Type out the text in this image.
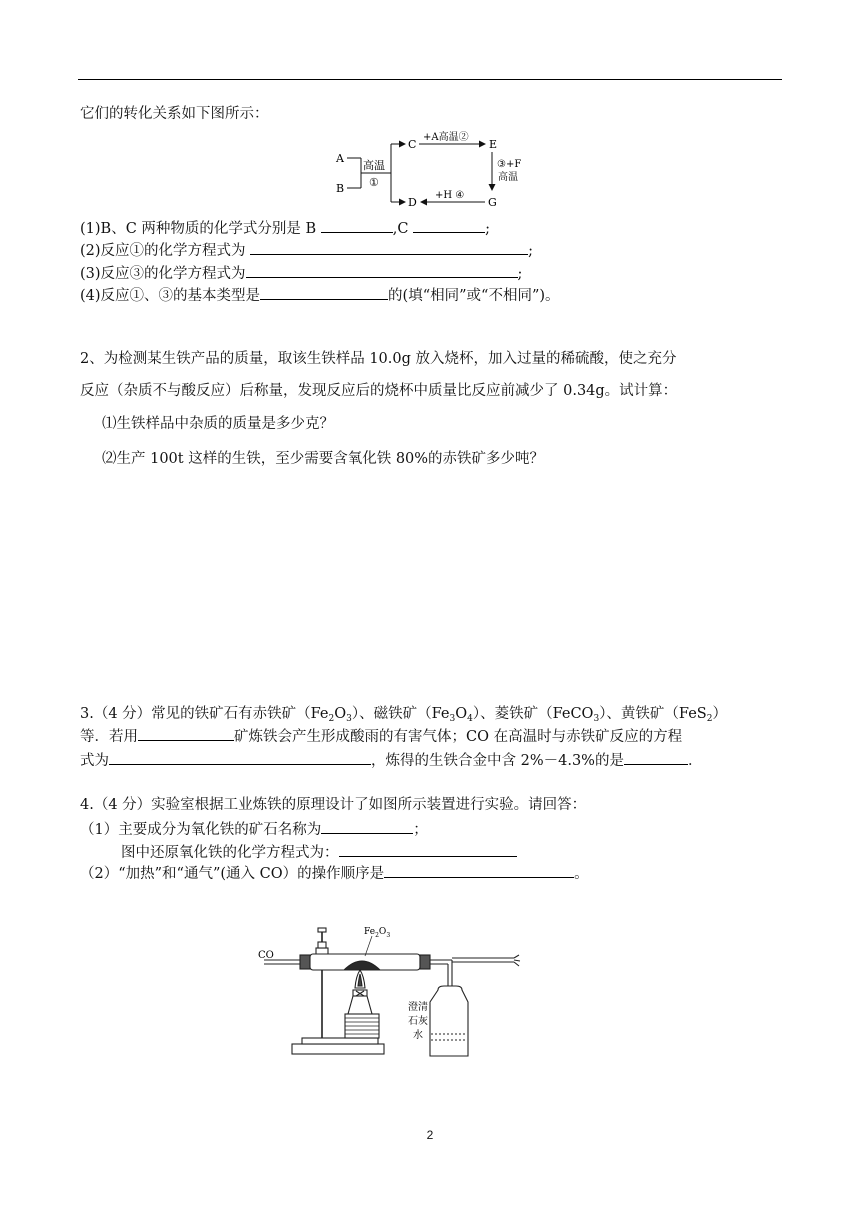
它们的转化关系如下图所示：
A
B
高温
①
C
D
+A高温②
E
③+F
高温
G
+H ④
(1)B、C 两种物质的化学式分别是 B	,C	;
(2)反应①的化学方程式为	;
(3)反应③的化学方程式为	;
(4)反应①、③的基本类型是	的(填“相同”或“不相同”)。
2、为检测某生铁产品的质量，取该生铁样品 10.0g 放入烧杯，加入过量的稀硫酸，使之充分
反应（杂质不与酸反应）后称量，发现反应后的烧杯中质量比反应前减少了 0.34g。试计算：
⑴生铁样品中杂质的质量是多少克？
⑵生产 100t 这样的生铁，至少需要含氧化铁 80%的赤铁矿多少吨？
3.（4 分）常见的铁矿石有赤铁矿$(Fe_2O_3)$、磁铁矿$(Fe_3O_4)$、菱铁矿（FeCO$_3$）、黄铁矿（FeS$_2$）
等．若用	矿炼铁会产生形成酸雨的有害气体；CO 在高温时与赤铁矿反应的方程
式为	，炼得的生铁合金中含 2%－4.3%的是	．
4.（4 分）实验室根据工业炼铁的原理设计了如图所示装置进行实验。请回答：
（1）主要成分为氧化铁的矿石名称为	；
图中还原氧化铁的化学方程式为：
（2）“加热”和“通气”(通入 CO）的操作顺序是	。
CO
$Fe_2O_3$
澄清
石灰
水
2
